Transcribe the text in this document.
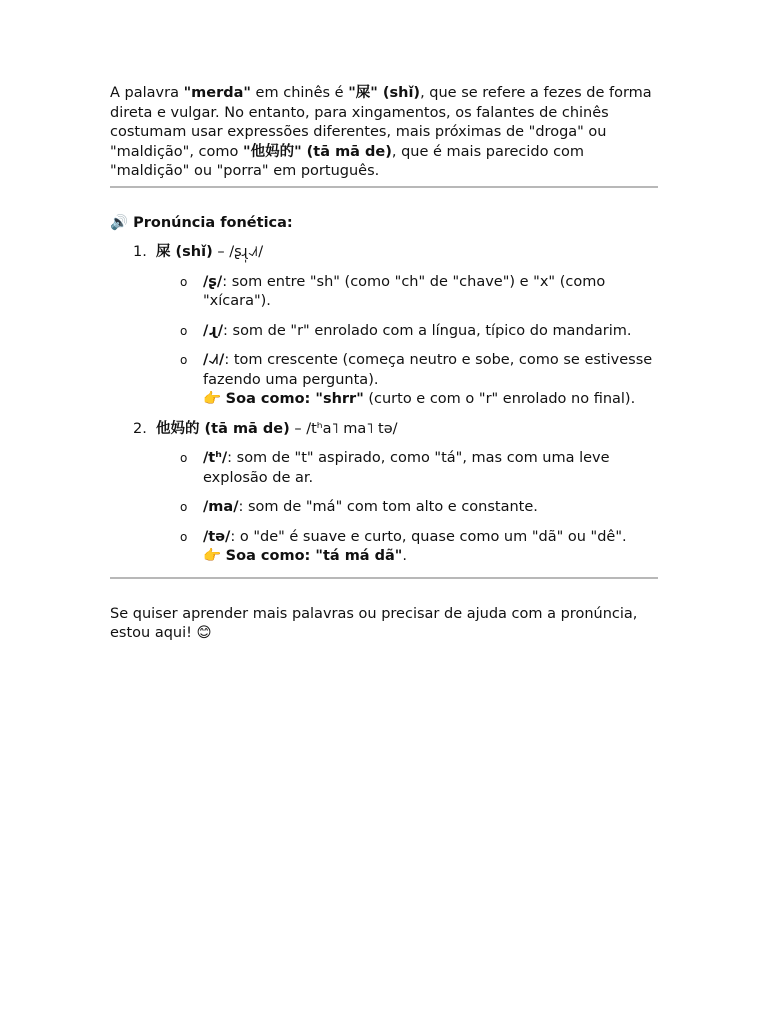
A palavra "merda" em chinês é "屎" (shǐ), que se refere a fezes de forma direta e vulgar. No entanto, para xingamentos, os falantes de chinês costumam usar expressões diferentes, mais próximas de "droga" ou "maldição", como "他妈的" (tā mā de), que é mais parecido com "maldição" ou "porra" em português.

🔊 Pronúncia fonética:

1. 屎 (shǐ) – /ʂɻ̩˨˩˦/
o /ʂ/: som entre "sh" (como "ch" de "chave") e "x" (como "xícara").
o /ɻ/: som de "r" enrolado com a língua, típico do mandarim.
o /˨˩˦/: tom crescente (começa neutro e sobe, como se estivesse fazendo uma pergunta).
👉 Soa como: "shrr" (curto e com o "r" enrolado no final).
2. 他妈的 (tā mā de) – /tʰa˥ ma˥ tə/
o /tʰ/: som de "t" aspirado, como "tá", mas com uma leve explosão de ar.
o /ma/: som de "má" com tom alto e constante.
o /tə/: o "de" é suave e curto, quase como um "dã" ou "dê".
👉 Soa como: "tá má dã".

Se quiser aprender mais palavras ou precisar de ajuda com a pronúncia, estou aqui! 😊
